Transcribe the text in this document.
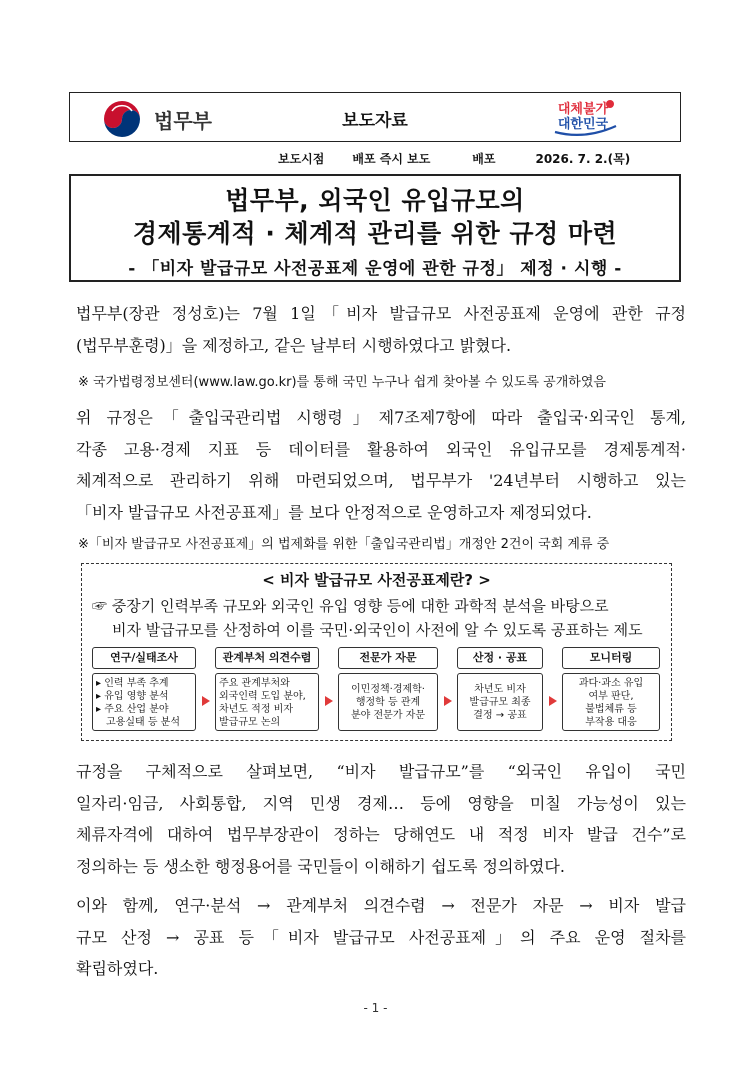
법무부	보도자료
대체불가
대한민국
보도시점 배포 즉시 보도	배포	2026. 7. 2.(목)
법무부, 외국인 유입규모의
경제통계적 · 체계적 관리를 위한 규정 마련
- 「비자 발급규모 사전공표제 운영에 관한 규정」 제정 · 시행 -
법무부(장관 정성호)는 7월 1일「비자 발급규모 사전공표제 운영에 관한 규정
(법무부훈령)」을 제정하고, 같은 날부터 시행하였다고 밝혔다.
※ 국가법령정보센터(www.law.go.kr)를 통해 국민 누구나 쉽게 찾아볼 수 있도록 공개하였음
위 규정은「출입국관리법 시행령」제7조제7항에 따라 출입국·외국인 통계,
각종 고용·경제 지표 등 데이터를 활용하여 외국인 유입규모를 경제통계적·
체계적으로 관리하기 위해 마련되었으며, 법무부가 '24년부터 시행하고 있는
「비자 발급규모 사전공표제」를 보다 안정적으로 운영하고자 제정되었다.
※「비자 발급규모 사전공표제」의 법제화를 위한「출입국관리법」개정안 2건이 국회 계류 중
< 비자 발급규모 사전공표제란? >
☞ 중장기 인력부족 규모와 외국인 유입 영향 등에 대한 과학적 분석을 바탕으로
비자 발급규모를 산정하여 이를 국민·외국인이 사전에 알 수 있도록 공표하는 제도
연구/실태조사
▸ 인력 부족 추계
▸ 유입 영향 분석
▸ 주요 산업 분야
고용실태 등 분석
관계부처 의견수렴
주요 관계부처와
외국인력 도입 분야,
차년도 적정 비자
발급규모 논의
전문가 자문
이민정책·경제학·
행정학 등 관계
분야 전문가 자문
산정 · 공표
차년도 비자
발급규모 최종
결정 → 공표
모니터링
과다·과소 유입
여부 판단,
불법체류 등
부작용 대응
규정을 구체적으로 살펴보면, “비자 발급규모”를 “외국인 유입이 국민
일자리·임금, 사회통합, 지역 민생 경제… 등에 영향을 미칠 가능성이 있는
체류자격에 대하여 법무부장관이 정하는 당해연도 내 적정 비자 발급 건수”로
정의하는 등 생소한 행정용어를 국민들이 이해하기 쉽도록 정의하였다.
이와 함께, 연구·분석 → 관계부처 의견수렴 → 전문가 자문 → 비자 발급
규모 산정 → 공표 등「비자 발급규모 사전공표제」의 주요 운영 절차를
확립하였다.
- 1 -
